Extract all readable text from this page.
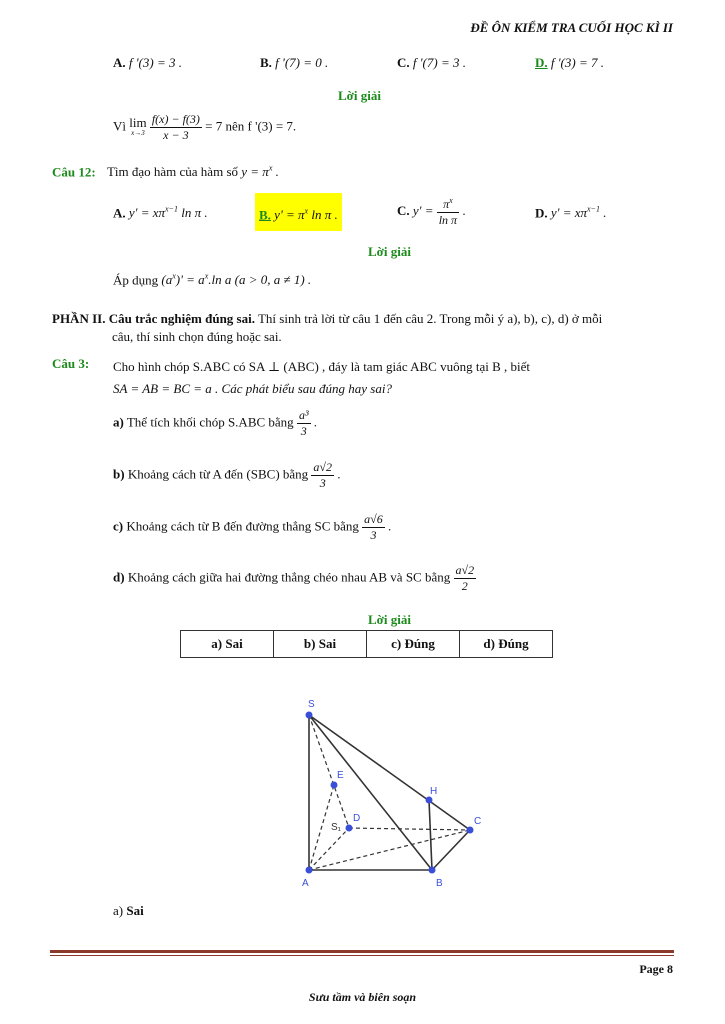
ĐỀ ÔN KIỂM TRA CUỐI HỌC KÌ II
A. f '(3) = 3 .	B. f '(7) = 0 .	C. f '(7) = 3 .	D. f '(3) = 7 .
Lời giải
Vì lim
x→3
$\frac{f(x) - f(3)}{x - 3} = 7$ nên f '(3) = 7.
Câu 12: Tìm đạo hàm của hàm số $y = \pi^x$ .
A. $y' = x\pi^{x-1}$ ln π .	B. $y' = \pi^x$ ln π .	C. $y' = \frac{\pi^x}{\text{ln π}}$ .	D. $y' = x\pi^{x-1}$ .
Lời giải
Áp dụng $(a^x)' = a^x.\ln$ a (a > 0, a ≠ 1) .
PHẦN II. Câu trắc nghiệm đúng sai. Thí sinh trả lời từ câu 1 đến câu 2. Trong mỗi ý a), b), c), d) ở mỗi
câu, thí sinh chọn đúng hoặc sai.
Câu 3: Cho hình chóp S.ABC có SA ⊥ (ABC) , đáy là tam giác ABC vuông tại B , biết
SA = AB = BC = a . Các phát biểu sau đúng hay sai?
a) Thể tích khối chóp S.ABC bằng $\frac{\text{a³}}{3}$ .
b) Khoảng cách từ A đến (SBC) bằng $\frac{a√2}{3}$ .
c) Khoảng cách từ B đến đường thẳng SC bằng $\frac{a√6}{3}$ .
d) Khoảng cách giữa hai đường thẳng chéo nhau AB và SC bằng $\frac{a√2}{2}$
Lời giải
a) Sai	b) Sai	c) Đúng	d) Đúng
S
E
H
D	C
A	B
S₁
a) Sai
Page 8
Sưu tầm và biên soạn
